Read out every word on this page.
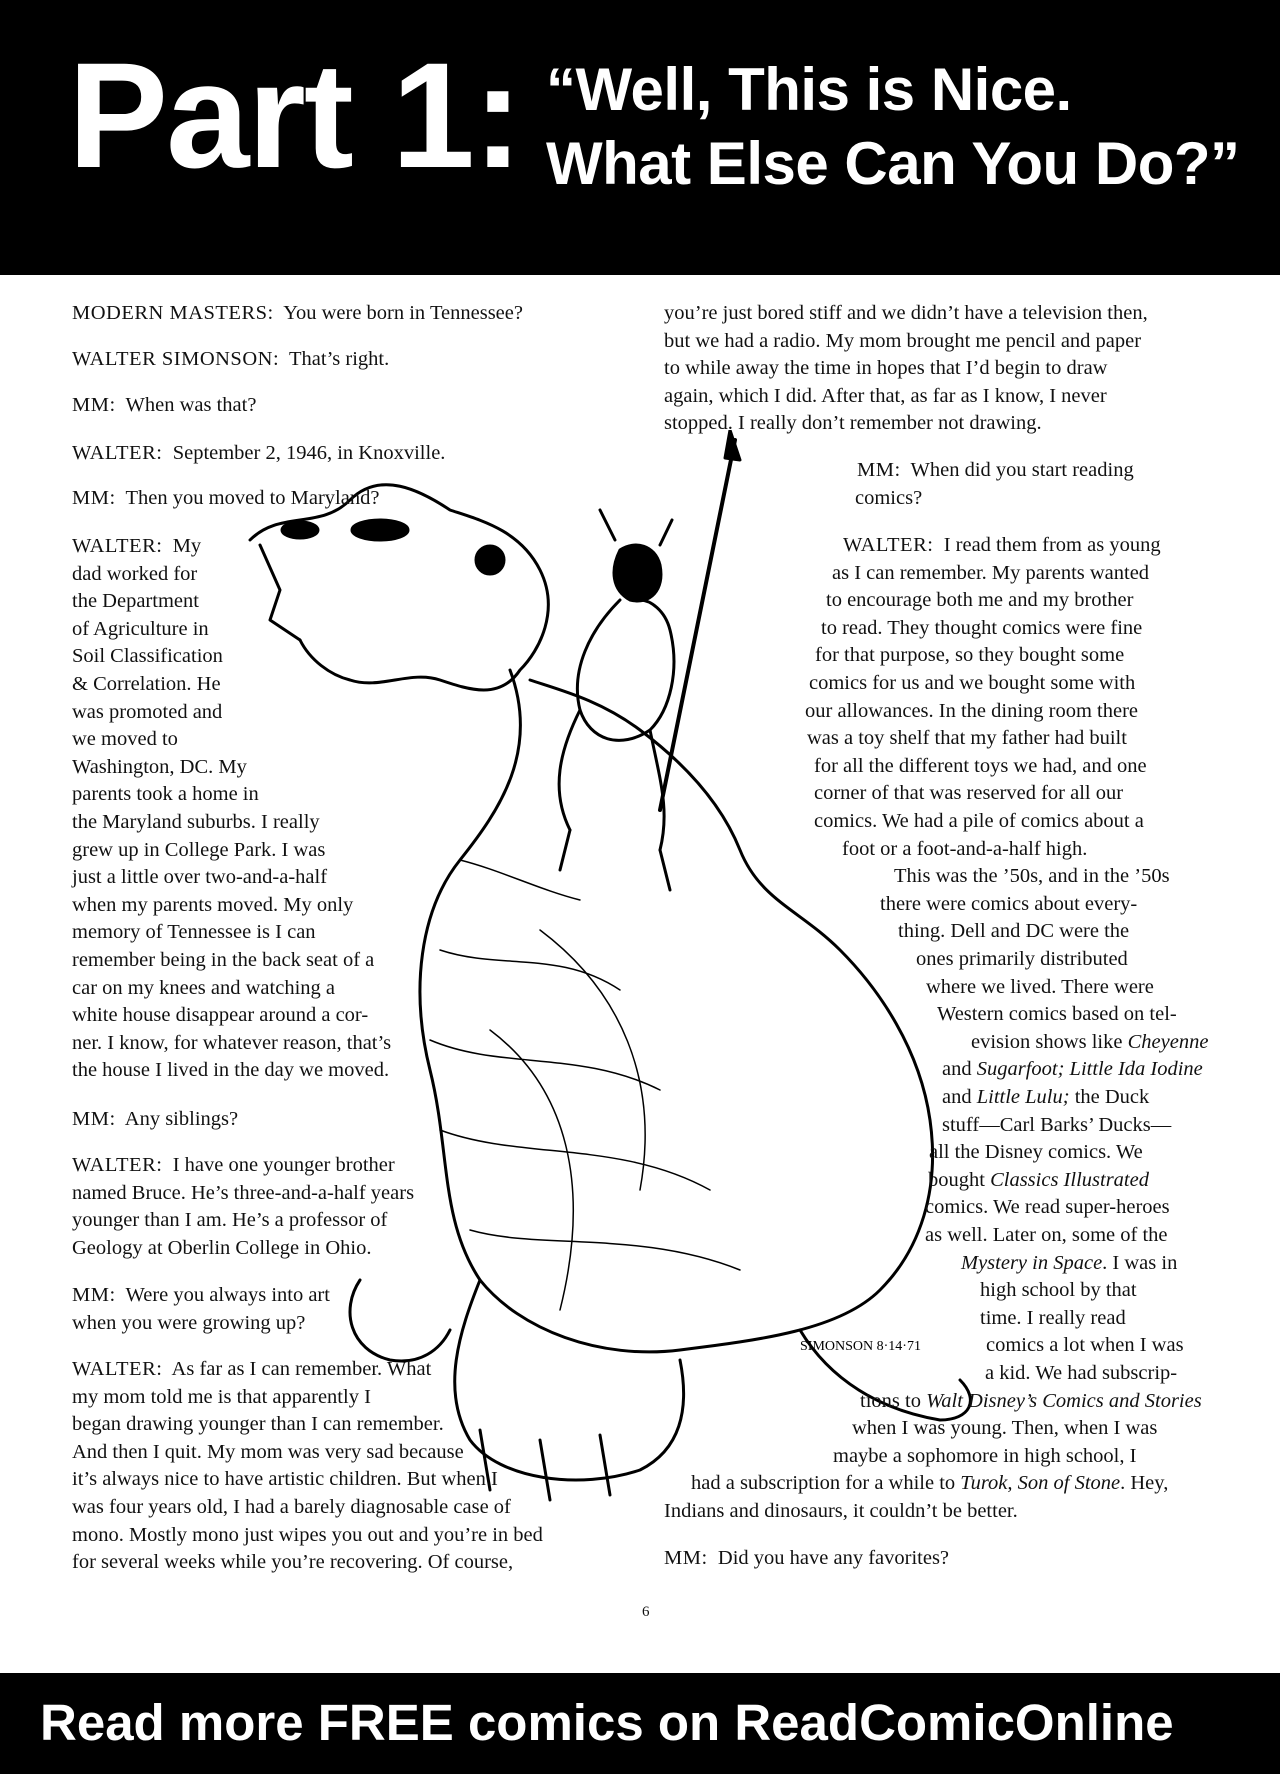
Part 1: “Well, This is Nice.
What Else Can You Do?”
SIMONSON 8·14·71
MODERN MASTERS:  You were born in Tennessee?
WALTER SIMONSON:  That’s right.
MM:  When was that?
WALTER:  September 2, 1946, in Knoxville.
MM:  Then you moved to Maryland?
WALTER:  My
dad worked for
the Department
of Agriculture in
Soil Classification
& Correlation. He
was promoted and
we moved to
Washington, DC. My
parents took a home in
the Maryland suburbs. I really
grew up in College Park. I was
just a little over two-and-a-half
when my parents moved. My only
memory of Tennessee is I can
remember being in the back seat of a
car on my knees and watching a
white house disappear around a cor-
ner. I know, for whatever reason, that’s
the house I lived in the day we moved.
MM:  Any siblings?
WALTER:  I have one younger brother
named Bruce. He’s three-and-a-half years
younger than I am. He’s a professor of
Geology at Oberlin College in Ohio.
MM:  Were you always into art
when you were growing up?
WALTER:  As far as I can remember. What
my mom told me is that apparently I
began drawing younger than I can remember.
And then I quit. My mom was very sad because
it’s always nice to have artistic children. But when I
was four years old, I had a barely diagnosable case of
mono. Mostly mono just wipes you out and you’re in bed
for several weeks while you’re recovering. Of course,
you’re just bored stiff and we didn’t have a television then,
but we had a radio. My mom brought me pencil and paper
to while away the time in hopes that I’d begin to draw
again, which I did. After that, as far as I know, I never
stopped. I really don’t remember not drawing.
MM:  When did you start reading
comics?
WALTER:  I read them from as young
as I can remember. My parents wanted
to encourage both me and my brother
to read. They thought comics were fine
for that purpose, so they bought some
comics for us and we bought some with
our allowances. In the dining room there
was a toy shelf that my father had built
for all the different toys we had, and one
corner of that was reserved for all our
comics. We had a pile of comics about a
foot or a foot-and-a-half high.
This was the ’50s, and in the ’50s
there were comics about every-
thing. Dell and DC were the
ones primarily distributed
where we lived. There were
Western comics based on tel-
evision shows like Cheyenne
and Sugarfoot; Little Ida Iodine
and Little Lulu; the Duck
stuff—Carl Barks’ Ducks—
all the Disney comics. We
bought Classics Illustrated
comics. We read super-heroes
as well. Later on, some of the
Mystery in Space. I was in
high school by that
time. I really read
comics a lot when I was
a kid. We had subscrip-
tions to Walt Disney’s Comics and Stories
when I was young. Then, when I was
maybe a sophomore in high school, I
had a subscription for a while to Turok, Son of Stone. Hey,
Indians and dinosaurs, it couldn’t be better.
MM:  Did you have any favorites?
6
Read more FREE comics on ReadComicOnline
